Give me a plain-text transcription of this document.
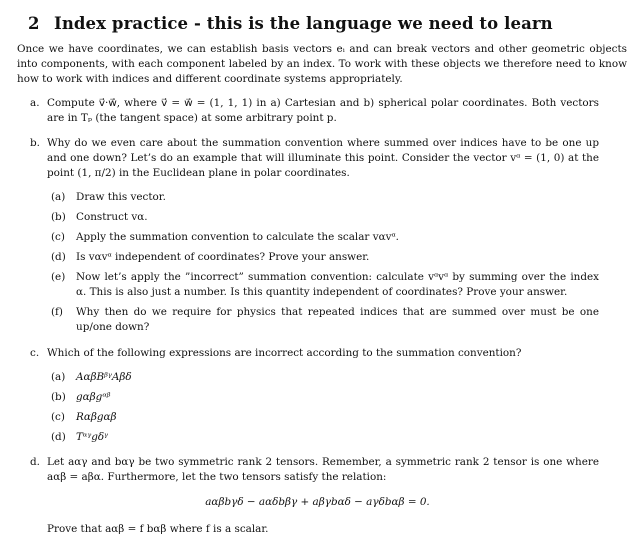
2 Index practice - this is the language we need to learn
Once we have coordinates, we can establish basis vectors eᵢ and can break vectors and other geometric objects into components, with each component labeled by an index. To work with these objects we therefore need to know how to work with indices and different coordinate systems appropriately.
a. Compute v⃗·w⃗, where v⃗ = w⃗ = (1, 1, 1) in a) Cartesian and b) spherical polar coordinates. Both vectors are in Tₚ (the tangent space) at some arbitrary point p.
b. Why do we even care about the summation convention where summed over indices have to be one up and one down? Let’s do an example that will illuminate this point. Consider the vector vᵅ = (1, 0) at the point (1, π/2) in the Euclidean plane in polar coordinates.
(a) Draw this vector.
(b) Construct vα.
(c) Apply the summation convention to calculate the scalar vαvᵅ.
(d) Is vαvᵅ independent of coordinates? Prove your answer.
(e) Now let’s apply the ”incorrect” summation convention: calculate vᵅvᵅ by summing over the index α. This is also just a number. Is this quantity independent of coordinates? Prove your answer.
(f) Why then do we require for physics that repeated indices that are summed over must be one up/one down?
c. Which of the following expressions are incorrect according to the summation convention?
(a) AαβBᵝᵞAβδ
(b) gαβgᵅᵝ
(c) Rαβgαβ
(d) Tᵅᵞgδᵞ
d. Let aαγ and bαγ be two symmetric rank 2 tensors. Remember, a symmetric rank 2 tensor is one where aαβ = aβα. Furthermore, let the two tensors satisfy the relation:
aαβbγδ − aαδbβγ + aβγbαδ − aγδbαβ = 0.
Prove that aαβ = f bαβ where f is a scalar.
